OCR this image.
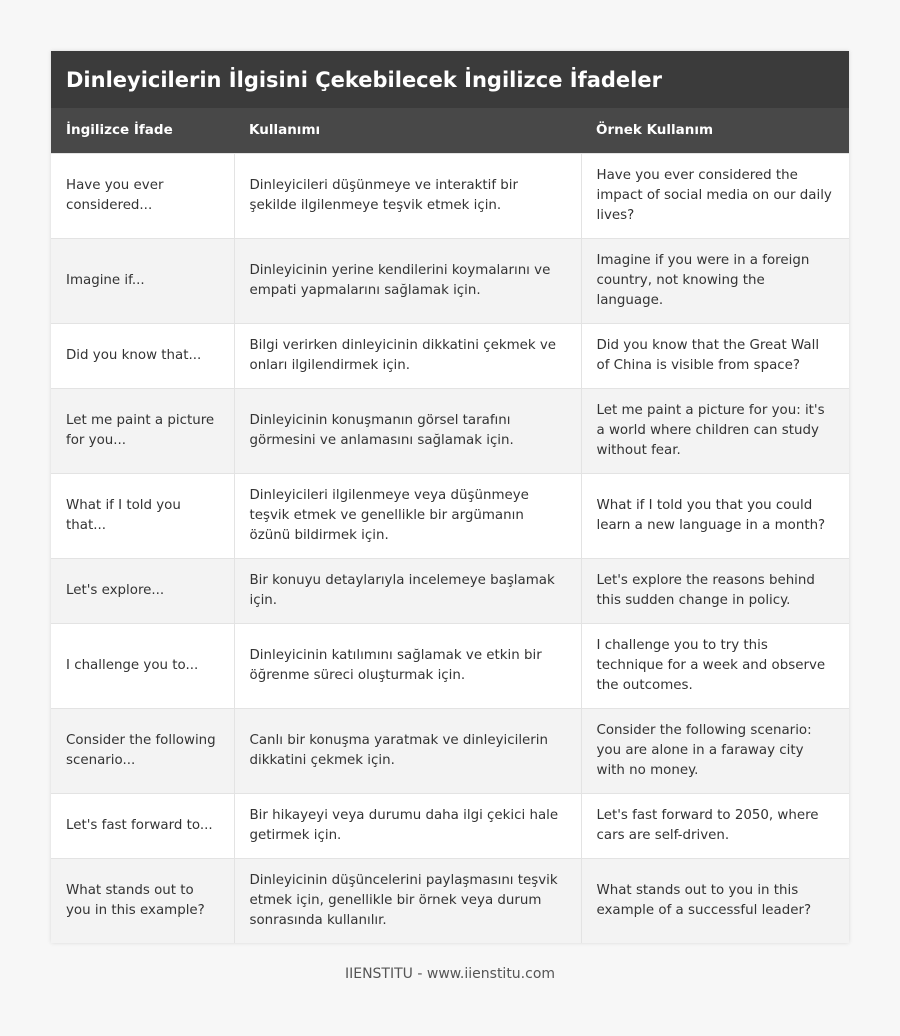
Dinleyicilerin İlgisini Çekebilecek İngilizce İfadeler
İngilizce İfade	Kullanımı	Örnek Kullanım
Have you ever considered...	Dinleyicileri düşünmeye ve interaktif bir şekilde ilgilenmeye teşvik etmek için.	Have you ever considered the impact of social media on our daily lives?
Imagine if...	Dinleyicinin yerine kendilerini koymalarını ve empati yapmalarını sağlamak için.	Imagine if you were in a foreign country, not knowing the language.
Did you know that...	Bilgi verirken dinleyicinin dikkatini çekmek ve onları ilgilendirmek için.	Did you know that the Great Wall of China is visible from space?
Let me paint a picture for you...	Dinleyicinin konuşmanın görsel tarafını görmesini ve anlamasını sağlamak için.	Let me paint a picture for you: it's a world where children can study without fear.
What if I told you that...	Dinleyicileri ilgilenmeye veya düşünmeye teşvik etmek ve genellikle bir argümanın özünü bildirmek için.	What if I told you that you could learn a new language in a month?
Let's explore...	Bir konuyu detaylarıyla incelemeye başlamak için.	Let's explore the reasons behind this sudden change in policy.
I challenge you to...	Dinleyicinin katılımını sağlamak ve etkin bir öğrenme süreci oluşturmak için.	I challenge you to try this technique for a week and observe the outcomes.
Consider the following scenario...	Canlı bir konuşma yaratmak ve dinleyicilerin dikkatini çekmek için.	Consider the following scenario: you are alone in a faraway city with no money.
Let's fast forward to...	Bir hikayeyi veya durumu daha ilgi çekici hale getirmek için.	Let's fast forward to 2050, where cars are self-driven.
What stands out to you in this example?	Dinleyicinin düşüncelerini paylaşmasını teşvik etmek için, genellikle bir örnek veya durum sonrasında kullanılır.	What stands out to you in this example of a successful leader?
IIENSTITU - www.iienstitu.com
